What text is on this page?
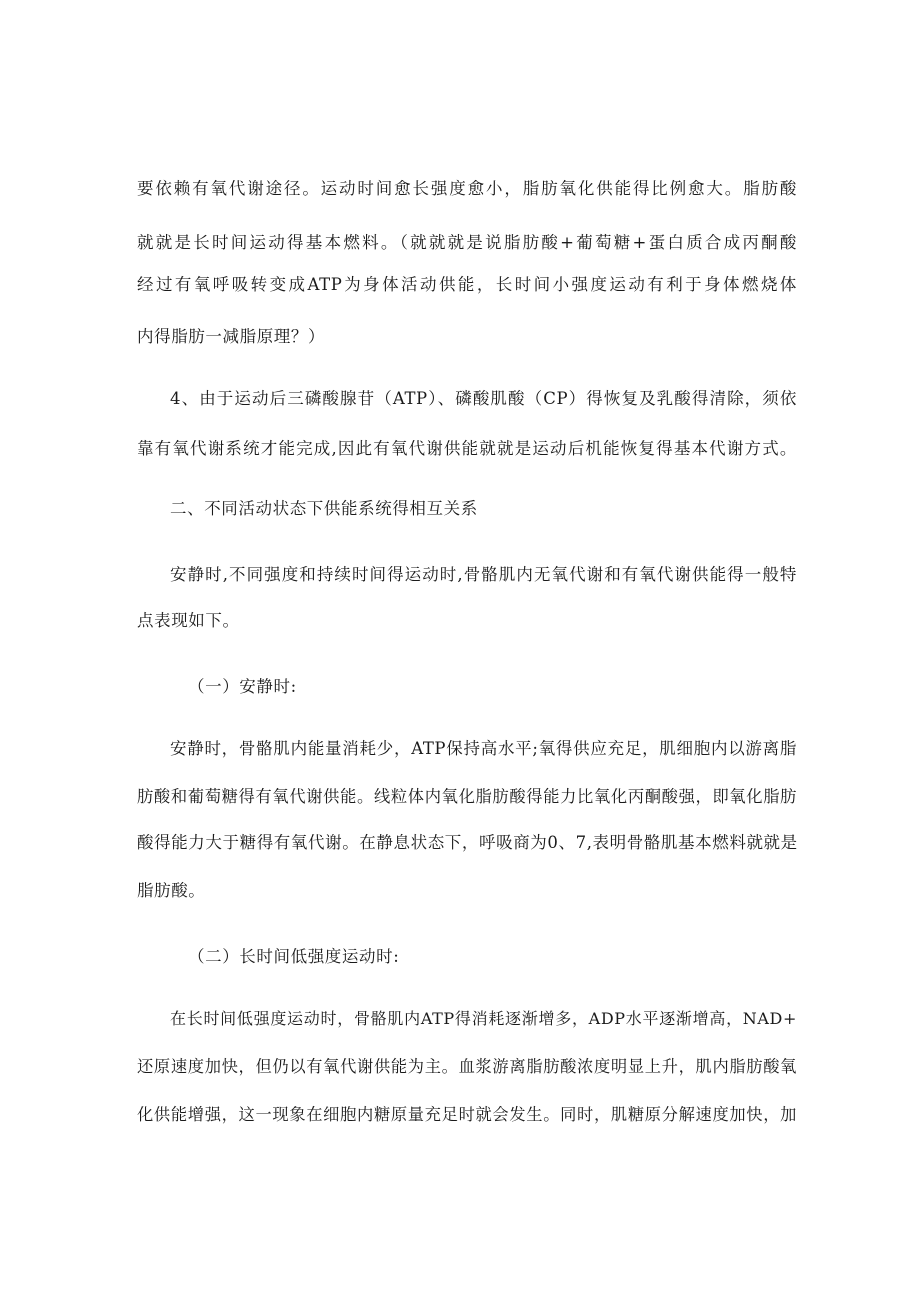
要依赖有氧代谢途径。运动时间愈长强度愈小，脂肪氧化供能得比例愈大。脂肪酸
就就是长时间运动得基本燃料。（就就就是说脂肪酸+葡萄糖+蛋白质合成丙酮酸
经过有氧呼吸转变成ATP为身体活动供能，长时间小强度运动有利于身体燃烧体
内得脂肪一减脂原理？）
4、由于运动后三磷酸腺苷（ATP）、磷酸肌酸（CP）得恢复及乳酸得清除，须依
靠有氧代谢系统才能完成,因此有氧代谢供能就就是运动后机能恢复得基本代谢方式。
二、不同活动状态下供能系统得相互关系
安静时,不同强度和持续时间得运动时,骨骼肌内无氧代谢和有氧代谢供能得一般特
点表现如下。
（一）安静时:
安静时，骨骼肌内能量消耗少，ATP保持高水平;氧得供应充足，肌细胞内以游离脂
肪酸和葡萄糖得有氧代谢供能。线粒体内氧化脂肪酸得能力比氧化丙酮酸强，即氧化脂肪
酸得能力大于糖得有氧代谢。在静息状态下，呼吸商为0、7,表明骨骼肌基本燃料就就是
脂肪酸。
（二）长时间低强度运动时:
在长时间低强度运动时，骨骼肌内ATP得消耗逐渐增多，ADP水平逐渐增高，NAD+
还原速度加快，但仍以有氧代谢供能为主。血浆游离脂肪酸浓度明显上升，肌内脂肪酸氧
化供能增强，这一现象在细胞内糖原量充足时就会发生。同时，肌糖原分解速度加快，加
